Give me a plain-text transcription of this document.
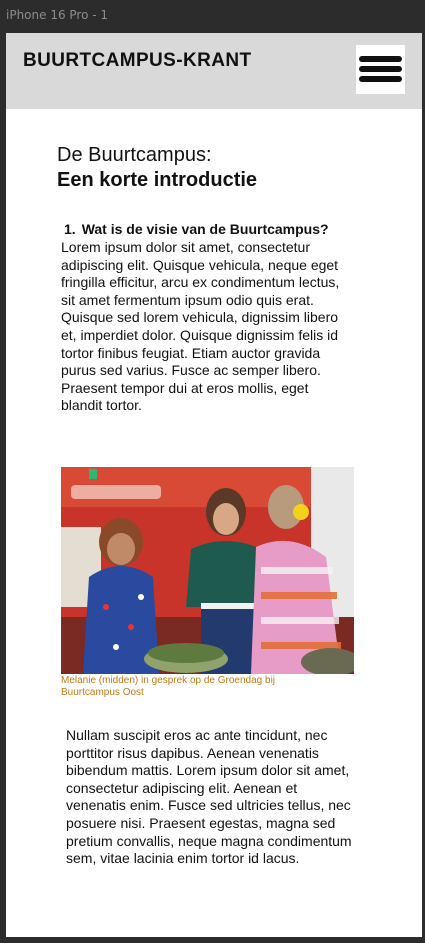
iPhone 16 Pro - 1
BUURTCAMPUS-KRANT
De Buurtcampus:
Een korte introductie
1. Wat is de visie van de Buurtcampus?
Lorem ipsum dolor sit amet, consectetur adipiscing elit. Quisque vehicula, neque eget fringilla efficitur, arcu ex condimentum lectus, sit amet fermentum ipsum odio quis erat. Quisque sed lorem vehicula, dignissim libero et, imperdiet dolor. Quisque dignissim felis id tortor finibus feugiat. Etiam auctor gravida purus sed varius. Fusce ac semper libero. Praesent tempor dui at eros mollis, eget blandit tortor.
Melanie (midden) in gesprek op de Groendag bij Buurtcampus Oost
Nullam suscipit eros ac ante tincidunt, nec porttitor risus dapibus. Aenean venenatis bibendum mattis. Lorem ipsum dolor sit amet, consectetur adipiscing elit. Aenean et venenatis enim. Fusce sed ultricies tellus, nec posuere nisi. Praesent egestas, magna sed pretium convallis, neque magna condimentum sem, vitae lacinia enim tortor id lacus.
